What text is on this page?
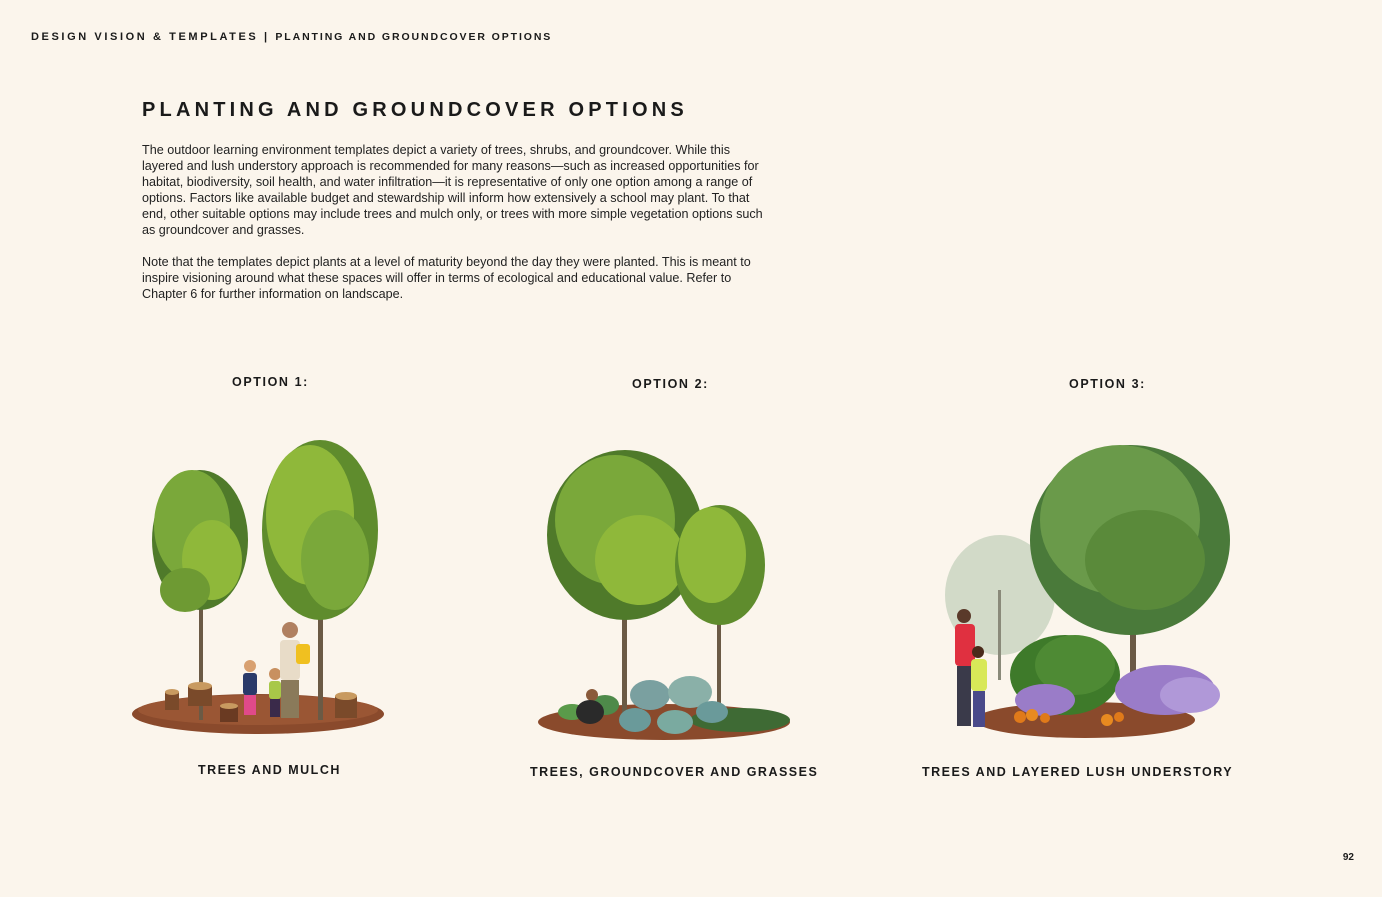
DESIGN VISION & TEMPLATES | PLANTING AND GROUNDCOVER OPTIONS
PLANTING AND GROUNDCOVER OPTIONS

The outdoor learning environment templates depict a variety of trees, shrubs, and groundcover. While this layered and lush understory approach is recommended for many reasons—such as increased opportunities for habitat, biodiversity, soil health, and water infiltration—it is representative of only one option among a range of options. Factors like available budget and stewardship will inform how extensively a school may plant. To that end, other suitable options may include trees and mulch only, or trees with more simple vegetation options such as groundcover and grasses.

Note that the templates depict plants at a level of maturity beyond the day they were planted. This is meant to inspire visioning around what these spaces will offer in terms of ecological and educational value. Refer to Chapter 6 for further information on landscape.

OPTION 1:	OPTION 2:	OPTION 3:
TREES AND MULCH	TREES, GROUNDCOVER AND GRASSES	TREES AND LAYERED LUSH UNDERSTORY
92
